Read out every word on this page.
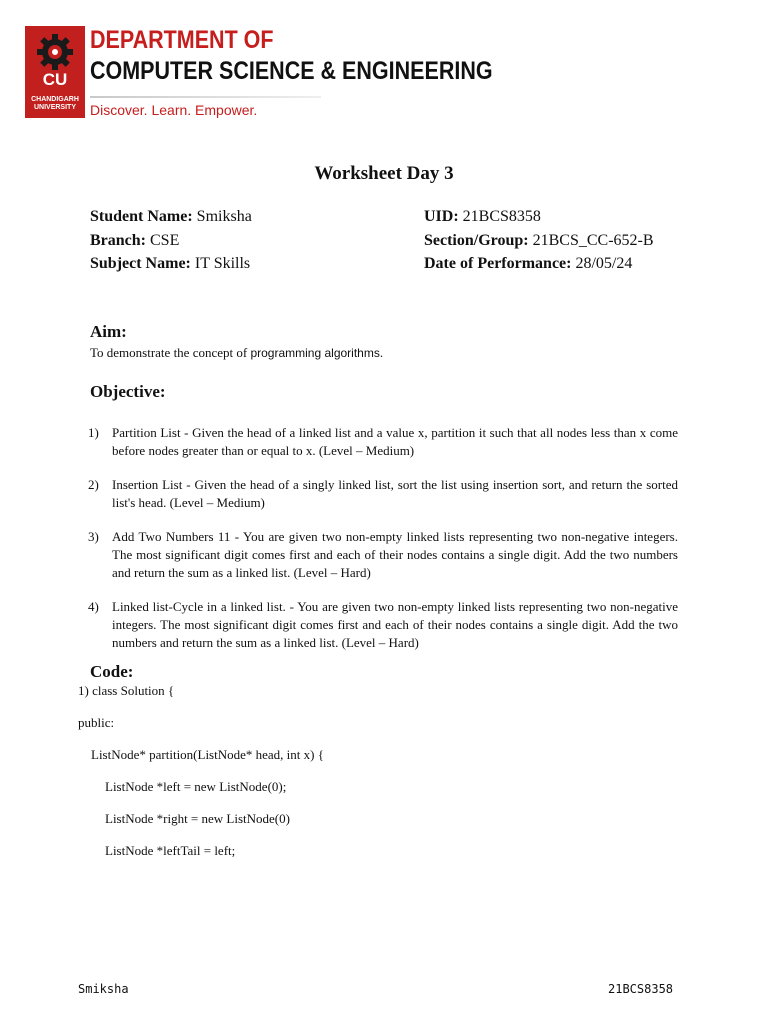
CU
CHANDIGARH UNIVERSITY
DEPARTMENT OF
COMPUTER SCIENCE & ENGINEERING
Discover. Learn. Empower.
Worksheet Day 3
Student Name: Smiksha	UID: 21BCS8358
Branch: CSE	Section/Group: 21BCS_CC-652-B
Subject Name: IT Skills	Date of Performance: 28/05/24
Aim:
To demonstrate the concept of programming algorithms.
Objective:
1)	Partition List - Given the head of a linked list and a value x, partition it such that all nodes less than x come before nodes greater than or equal to x. (Level – Medium)
2)	Insertion List - Given the head of a singly linked list, sort the list using insertion sort, and return the sorted list's head. (Level – Medium)
3)	Add Two Numbers 11 - You are given two non-empty linked lists representing two non-negative integers. The most significant digit comes first and each of their nodes contains a single digit. Add the two numbers and return the sum as a linked list. (Level – Hard)
4)	Linked list-Cycle in a linked list. - You are given two non-empty linked lists representing two non-negative integers. The most significant digit comes first and each of their nodes contains a single digit. Add the two numbers and return the sum as a linked list. (Level – Hard)
Code:
1) class Solution {
public:
ListNode* partition(ListNode* head, int x) {
ListNode *left = new ListNode(0);
ListNode *right = new ListNode(0)
ListNode *leftTail = left;
Smiksha	21BCS8358
